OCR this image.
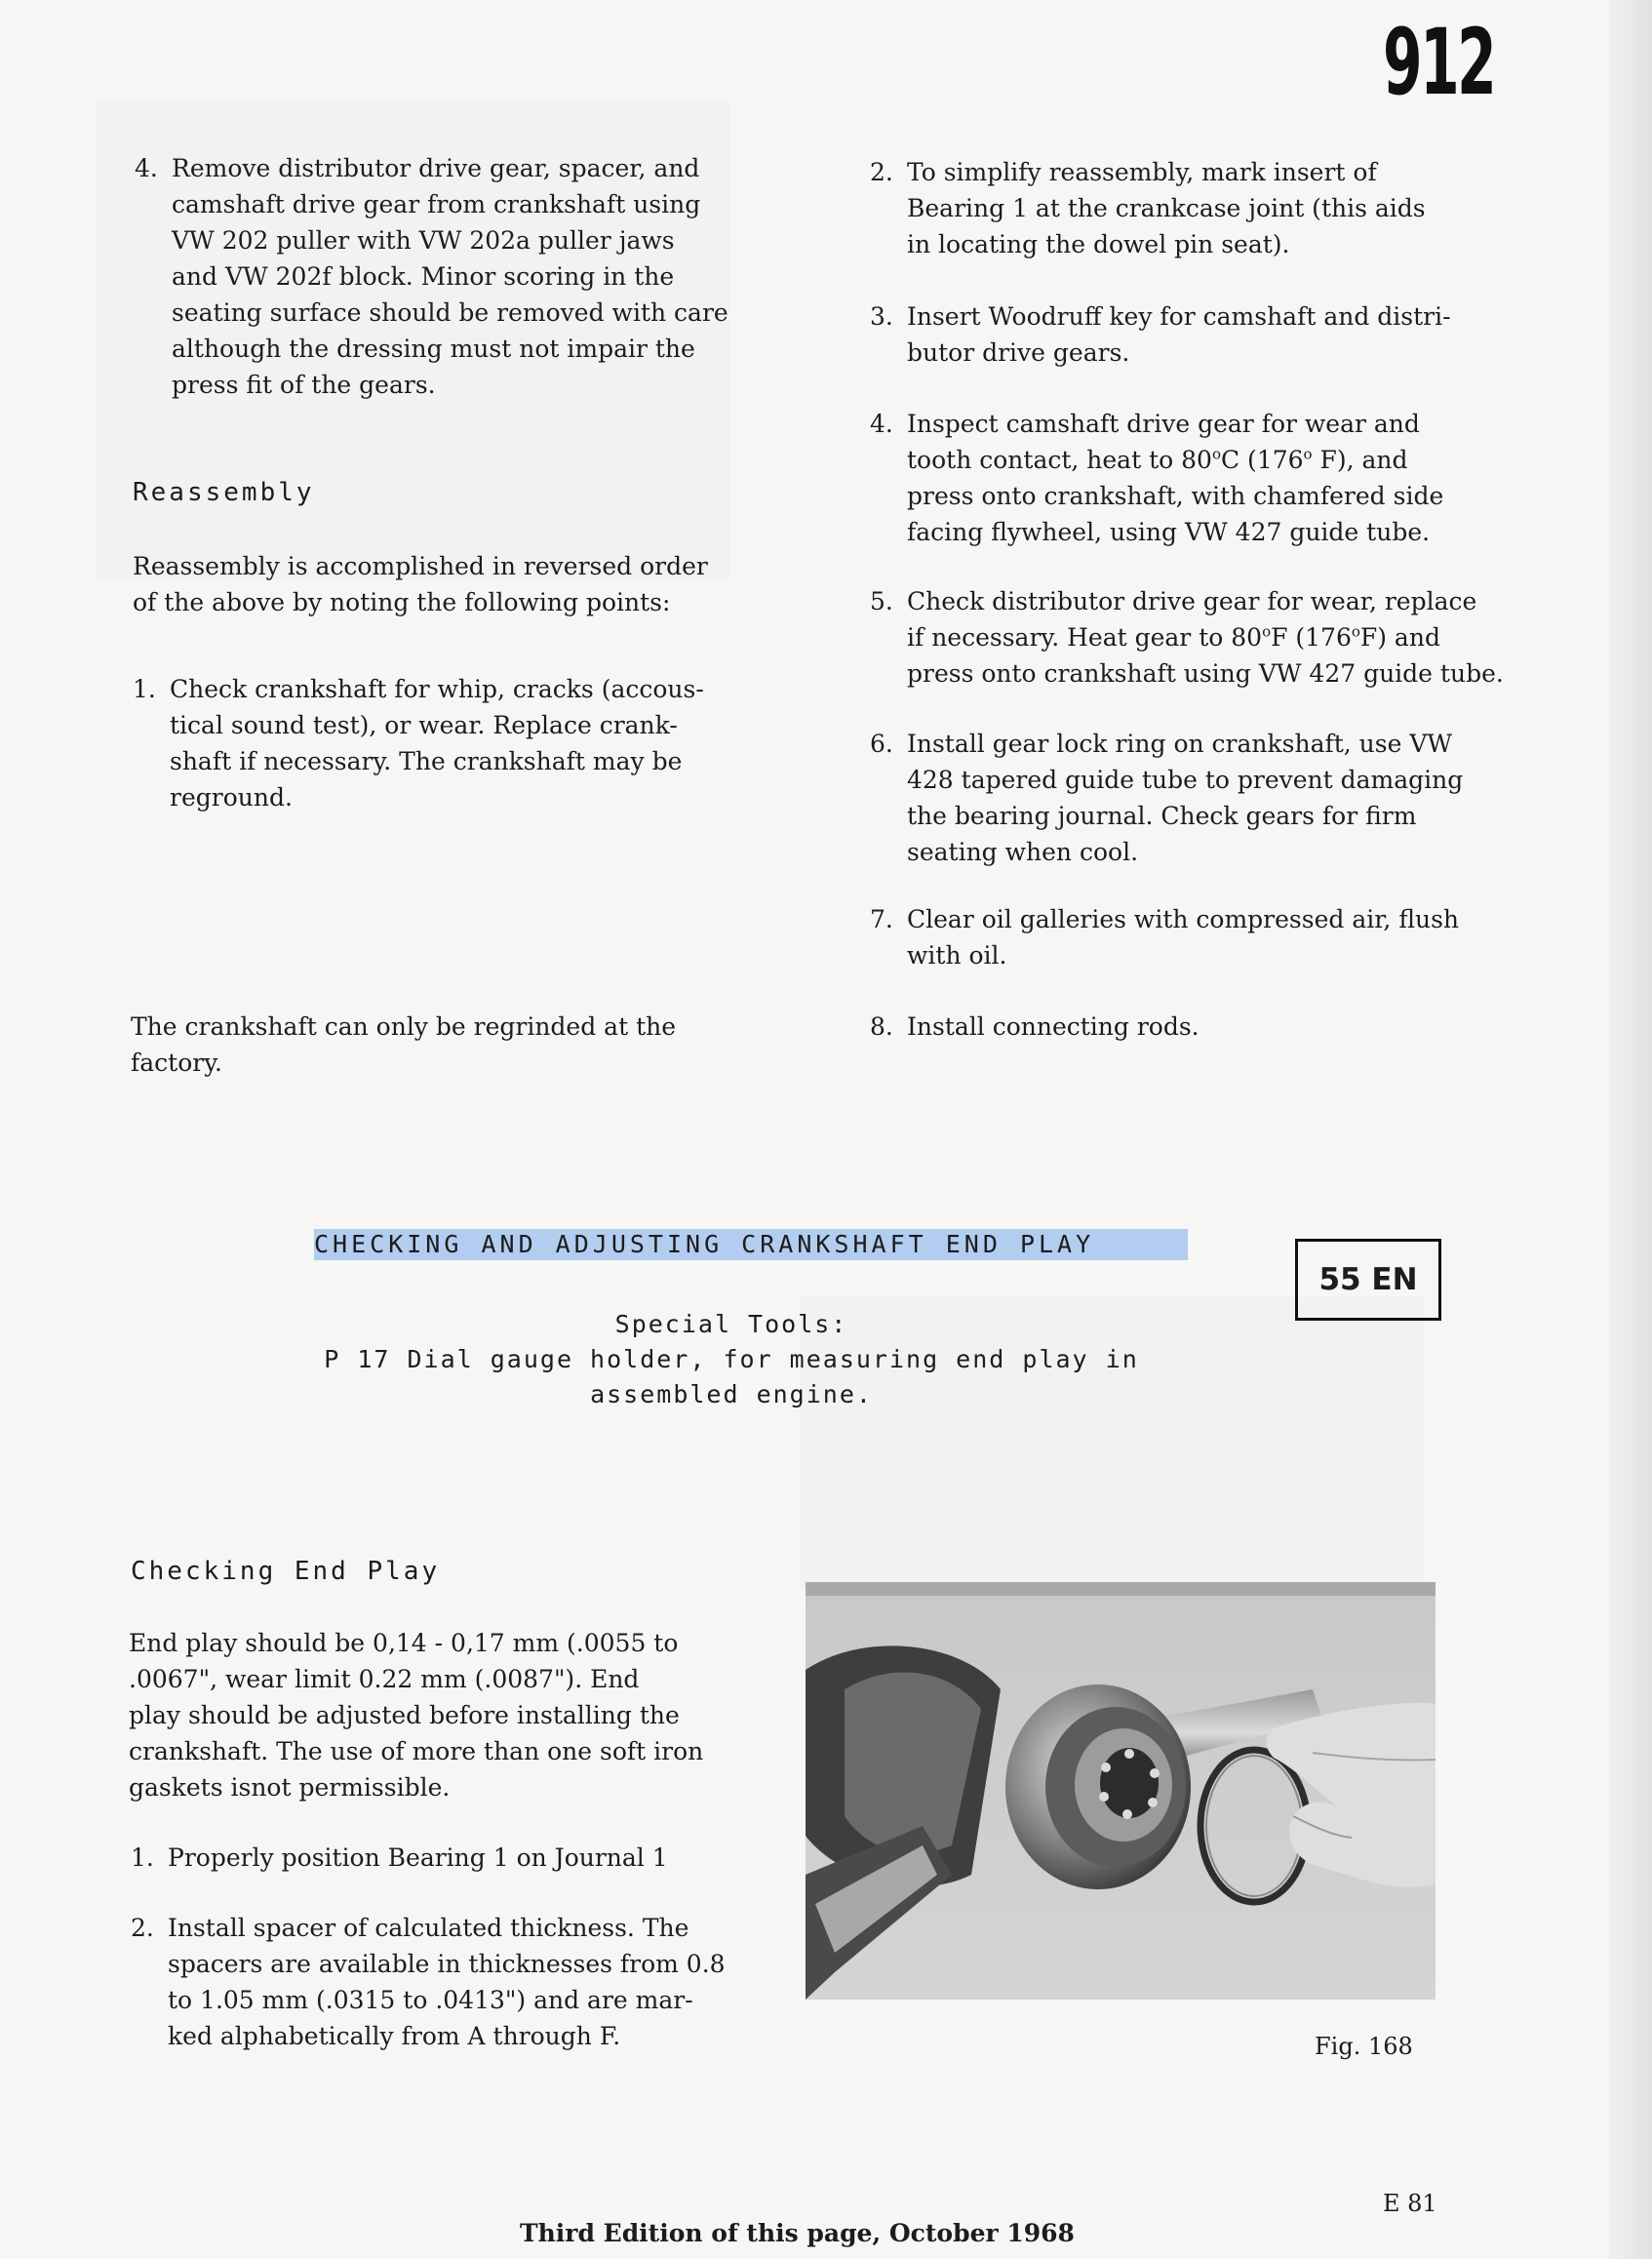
912
4. Remove distributor drive gear, spacer, and
camshaft drive gear from crankshaft using
VW 202 puller with VW 202a puller jaws
and VW 202f block. Minor scoring in the
seating surface should be removed with care
although the dressing must not impair the
press fit of the gears.
Reassembly
Reassembly is accomplished in reversed order
of the above by noting the following points:
1. Check crankshaft for whip, cracks (accous-
tical sound test), or wear. Replace crank-
shaft if necessary. The crankshaft may be
reground.
The crankshaft can only be regrinded at the
factory.
2. To simplify reassembly, mark insert of
Bearing 1 at the crankcase joint (this aids
in locating the dowel pin seat).
3. Insert Woodruff key for camshaft and distri-
butor drive gears.
4. Inspect camshaft drive gear for wear and
tooth contact, heat to 80$^o$C (176$^o$ F), and
press onto crankshaft, with chamfered side
facing flywheel, using VW 427 guide tube.
5. Check distributor drive gear for wear, replace
if necessary. Heat gear to 80$^o$F (176$^o$F) and
press onto crankshaft using VW 427 guide tube.
6. Install gear lock ring on crankshaft, use VW
428 tapered guide tube to prevent damaging
the bearing journal. Check gears for firm
seating when cool.
7. Clear oil galleries with compressed air, flush
with oil.
8. Install connecting rods.
CHECKING AND ADJUSTING CRANKSHAFT END PLAY
55 EN
Special Tools:
P 17 Dial gauge holder, for measuring end play in
assembled engine.
Checking End Play
End play should be 0,14 - 0,17 mm (.0055 to
.0067", wear limit 0.22 mm (.0087"). End
play should be adjusted before installing the
crankshaft. The use of more than one soft iron
gaskets isnot permissible.
1. Properly position Bearing 1 on Journal 1
2. Install spacer of calculated thickness. The
spacers are available in thicknesses from 0.8
to 1.05 mm (.0315 to .0413") and are mar-
ked alphabetically from A through F.	Fig. 168
E 81
Third Edition of this page, October 1968
